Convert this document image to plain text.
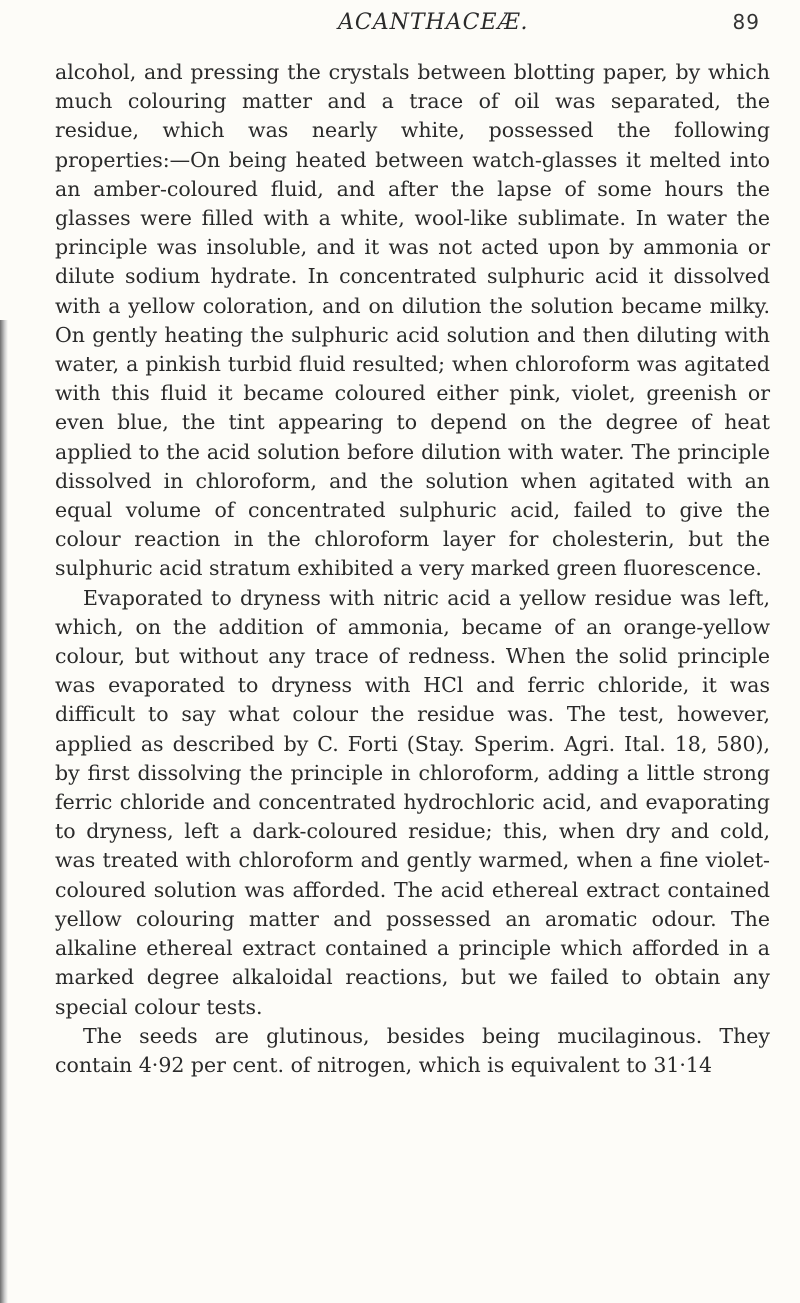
ACANTHACEÆ.	89

alcohol, and pressing the crystals between blotting paper, by which much colouring matter and a trace of oil was separated, the residue, which was nearly white, possessed the following properties:—On being heated between watch-glasses it melted into an amber-coloured fluid, and after the lapse of some hours the glasses were filled with a white, wool-like sublimate. In water the principle was insoluble, and it was not acted upon by ammonia or dilute sodium hydrate. In concentrated sulphuric acid it dissolved with a yellow coloration, and on dilution the solution became milky. On gently heating the sulphuric acid solution and then diluting with water, a pinkish turbid fluid resulted; when chloroform was agitated with this fluid it became coloured either pink, violet, greenish or even blue, the tint appearing to depend on the degree of heat applied to the acid solution before dilution with water. The principle dissolved in chloroform, and the solution when agitated with an equal volume of concentrated sulphuric acid, failed to give the colour reaction in the chloroform layer for cholesterin, but the sulphuric acid stratum exhibited a very marked green fluorescence.

Evaporated to dryness with nitric acid a yellow residue was left, which, on the addition of ammonia, became of an orange-yellow colour, but without any trace of redness. When the solid principle was evaporated to dryness with HCl and ferric chloride, it was difficult to say what colour the residue was. The test, however, applied as described by C. Forti (Stay. Sperim. Agri. Ital. 18, 580), by first dissolving the principle in chloroform, adding a little strong ferric chloride and concentrated hydrochloric acid, and evaporating to dryness, left a dark-coloured residue; this, when dry and cold, was treated with chloroform and gently warmed, when a fine violet-coloured solution was afforded. The acid ethereal extract contained yellow colouring matter and possessed an aromatic odour. The alkaline ethereal extract contained a principle which afforded in a marked degree alkaloidal reactions, but we failed to obtain any special colour tests.

The seeds are glutinous, besides being mucilaginous. They contain 4·92 per cent. of nitrogen, which is equivalent to 31·14
